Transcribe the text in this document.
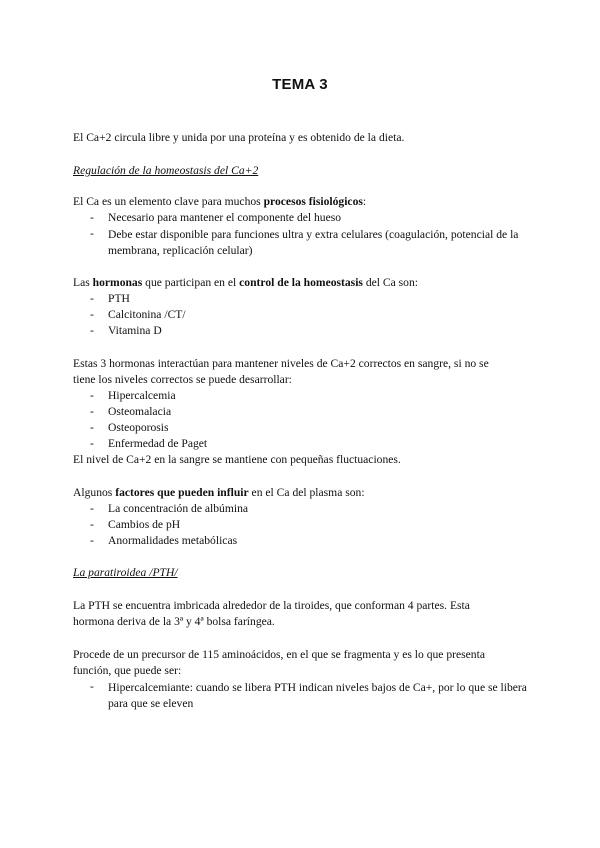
TEMA 3
El Ca+2 circula libre y unida por una proteína y es obtenido de la dieta.
Regulación de la homeostasis del Ca+2
El Ca es un elemento clave para muchos procesos fisiológicos:
- Necesario para mantener el componente del hueso
- Debe estar disponible para funciones ultra y extra celulares (coagulación, potencial de la membrana, replicación celular)
Las hormonas que participan en el control de la homeostasis del Ca son:
- PTH
- Calcitonina /CT/
- Vitamina D
Estas 3 hormonas interactúan para mantener niveles de Ca+2 correctos en sangre, si no se
tiene los niveles correctos se puede desarrollar:
- Hipercalcemia
- Osteomalacia
- Osteoporosis
- Enfermedad de Paget
El nivel de Ca+2 en la sangre se mantiene con pequeñas fluctuaciones.
Algunos factores que pueden influir en el Ca del plasma son:
- La concentración de albúmina
- Cambios de pH
- Anormalidades metabólicas
La paratiroidea /PTH/
La PTH se encuentra imbricada alrededor de la tiroides, que conforman 4 partes. Esta
hormona deriva de la 3ª y 4ª bolsa faríngea.
Procede de un precursor de 115 aminoácidos, en el que se fragmenta y es lo que presenta
función, que puede ser:
- Hipercalcemiante: cuando se libera PTH indican niveles bajos de Ca+, por lo que se libera para que se eleven
